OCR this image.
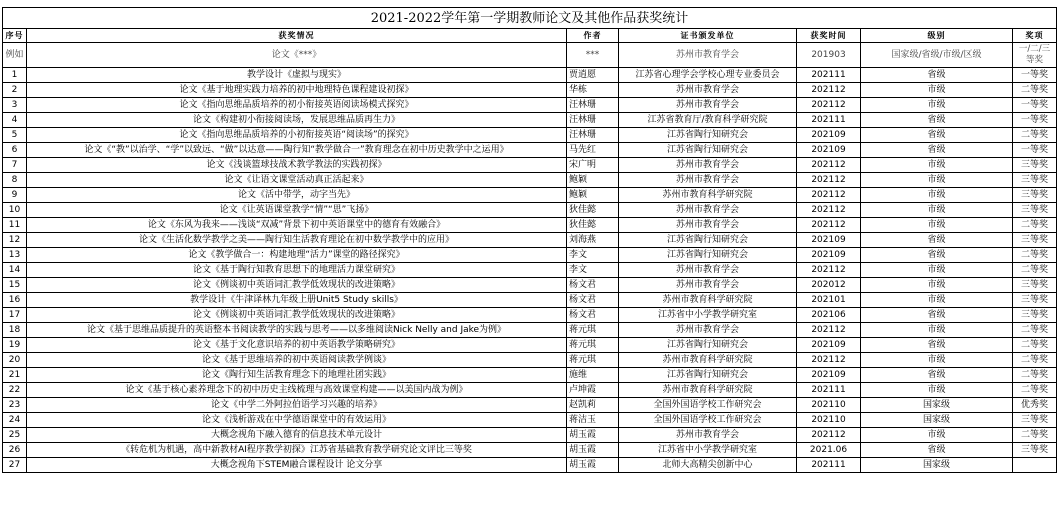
2021-2022学年第一学期教师论文及其他作品获奖统计						
序号	获奖情况	作者	证书颁发单位	获奖时间	级别	奖项
例如	论文《***》	***	苏州市教育学会	201903	国家级/省级/市级/区级	一/二/三等奖
1	教学设计《虚拟与现实》	贾逍愿	江苏省心理学会学校心理专业委员会	202111	省级	一等奖
2	论文《基于地理实践力培养的初中地理特色课程建设初探》	华栋	苏州市教育学会	202112	市级	二等奖
3	论文《指向思维品质培养的初小衔接英语阅读场模式探究》	汪林珊	苏州市教育学会	202112	市级	一等奖
4	论文《构建初小衔接阅读场，发展思维品质再生力》	汪林珊	江苏省教育厅/教育科学研究院	202111	省级	一等奖
5	论文《指向思维品质培养的小初衔接英语“阅读场”的探究》	汪林珊	江苏省陶行知研究会	202109	省级	二等奖
6	论文《“教”以治学、“学”以致远、“做”以达意——陶行知“教学做合一”教育理念在初中历史教学中之运用》	马先红	江苏省陶行知研究会	202109	省级	一等奖
7	论文《浅谈篮球技战术教学教法的实践初探》	宋广明	苏州市教育学会	202112	市级	三等奖
8	论文《让语文课堂活动真正活起来》	鲍颖	苏州市教育学会	202112	市级	三等奖
9	论文《活中带学，动字当先》	鲍颖	苏州市教育科学研究院	202112	市级	三等奖
10	论文《让英语课堂教学“情”“思”飞扬》	狄佳懿	苏州市教育学会	202112	市级	三等奖
11	论文《东风为我来——浅谈“双减”背景下初中英语课堂中的德育有效融合》	狄佳懿	苏州市教育学会	202112	市级	二等奖
12	论文《生活化数学教学之美——陶行知生活教育理论在初中数学教学中的应用》	刘海燕	江苏省陶行知研究会	202109	省级	三等奖
13	论文《教学做合一：构建地理“活力”课堂的路径探究》	李文	江苏省陶行知研究会	202109	省级	二等奖
14	论文《基于陶行知教育思想下的地理活力课堂研究》	李文	苏州市教育学会	202112	市级	二等奖
15	论文《例谈初中英语词汇教学低效现状的改进策略》	杨文君	苏州市教育学会	202012	市级	三等奖
16	教学设计《牛津译林九年级上册Unit5 Study skills》	杨文君	苏州市教育科学研究院	202101	市级	三等奖
17	论文《例谈初中英语词汇教学低效现状的改进策略》	杨文君	江苏省中小学教学研究室	202106	省级	三等奖
18	论文《基于思维品质提升的英语整本书阅读教学的实践与思考——以多维阅读Nick Nelly and Jake为例》	蒋元琪	苏州市教育学会	202112	市级	二等奖
19	论文《基于文化意识培养的初中英语教学策略研究》	蒋元琪	江苏省陶行知研究会	202109	省级	二等奖
20	论文《基于思维培养的初中英语阅读教学例谈》	蒋元琪	苏州市教育科学研究院	202112	市级	二等奖
21	论文《陶行知生活教育理念下的地理社团实践》	施维	江苏省陶行知研究会	202109	省级	二等奖
22	论文《基于核心素养理念下的初中历史主线梳理与高效课堂构建——以美国内战为例》	卢坤霞	苏州市教育科学研究院	202111	市级	二等奖
23	论文《中学二外阿拉伯语学习兴趣的培养》	赵凯莉	全国外国语学校工作研究会	202110	国家级	优秀奖
24	论文《浅析游戏在中学德语课堂中的有效运用》	蒋洁玉	全国外国语学校工作研究会	202110	国家级	三等奖
25	大概念视角下融入德育的信息技术单元设计	胡玉霞	苏州市教育学会	202112	市级	二等奖
26	《转危机为机遇，高中新教材AI程序教学初探》江苏省基础教育教学研究论文评比三等奖	胡玉霞	江苏省中小学教学研究室	2021.06	省级	三等奖
27	大概念视角下STEM融合课程设计 论文分享	胡玉霞	北师大高精尖创新中心	202111	国家级	
